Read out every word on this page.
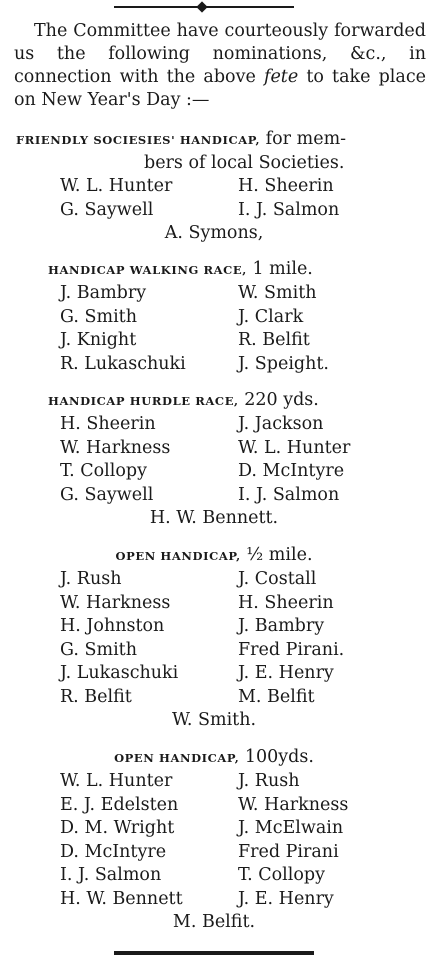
The Committee have courteously forwarded us the following nominations, &c., in connection with the above fete to take place on New Year's Day :—
FRIENDLY SOCIESIES' HANDICAP, for mem-
bers of local Societies.
W. L. Hunter	H. Sheerin
G. Saywell	I. J. Salmon
A. Symons,
HANDICAP WALKING RACE, 1 mile.
J. Bambry	W. Smith
G. Smith	J. Clark
J. Knight	R. Belfit
R. Lukaschuki	J. Speight.
HANDICAP HURDLE RACE, 220 yds.
H. Sheerin	J. Jackson
W. Harkness	W. L. Hunter
T. Collopy	D. McIntyre
G. Saywell	I. J. Salmon
H. W. Bennett.
OPEN HANDICAP, ½ mile.
J. Rush	J. Costall
W. Harkness	H. Sheerin
H. Johnston	J. Bambry
G. Smith	Fred Pirani.
J. Lukaschuki	J. E. Henry
R. Belfit	M. Belfit
W. Smith.
OPEN HANDICAP, 100yds.
W. L. Hunter	J. Rush
E. J. Edelsten	W. Harkness
D. M. Wright	J. McElwain
D. McIntyre	Fred Pirani
I. J. Salmon	T. Collopy
H. W. Bennett	J. E. Henry
M. Belfit.
